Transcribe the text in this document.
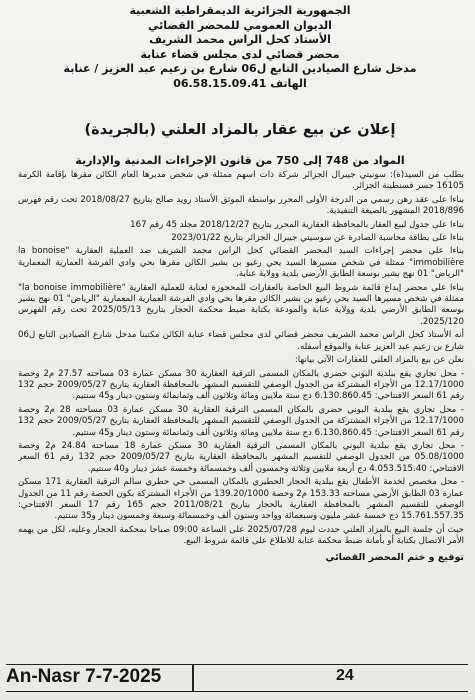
الجمهورية الجزائرية الديمقراطية الشعبية
الديوان العمومي للمحضر القضائي
الأستاذ كحل الراس محمد الشريف
محضر قضائي لدى مجلس قضاء عنابة
مدخل شارع الصيادين التابع ل06 شارع بن زعيم عبد العزيز / عنابة
الهاتف 06.58.15.09.41
إعلان عن بيع عقار بالمزاد العلني (بالجريدة)
المواد من 748 إلى 750 من قانون الإجراءات المدنية والإدارية

بطلب من السيد(ة): سونيتي جيبرال الجزائر شركة ذات أسهم ممثلة في شخص مديرها العام الكائن مقرها بإقامة الكرمة 16105 جسر قسنطينة الجزائر.

بناءا على عقد رهن رسمي من الدرجة الأولى المحرر بواسطة الموثق الأستاذ رويد صالح بتاريخ 2018/08/27 تحت رقم فهرس 2018/896 المشهور بالصيغة التنفيذية.

بناءا على جدول لبيع العقار بالمحافظة العقارية المحرر بتاريخ 2018/12/27 مجلد 45 رقم 167

بناءا على بطاقة محاسبة الصادرة عن سوسيتي جيبرال الجزائر بتاريخ 2023/01/22

بناءا على محضر إجراءات السيد المحضر القضائي كحل الراس محمد الشريف ضد العملية العقارية "la bonoise immobilière" ممثلة في شخص مسيرها السيد يحي رغيو بن بشير الكائن مقرها بحي وادي الفرشة العمارية المعمارية "الرياض" 01 نهج بشير بوسعة الطابق الأرضي بلدية وولاية عنابة.

بناءا على محضر إيداع قائمة شروط البيع الخاصة بالعقارات للمحجوزة لعنابة للعملية العقارية "la bonoise immobilière" ممثلة في شخص مسيرها السيد يحي رغيو بن بشير الكائن مقرها بحي وادي الفرشة العمارية المعمارية "الرياض" 01 نهج بشير بوسعة الطابق الأرضي بلدية وولاية عنابة والمودعة بكتابة ضبط محكمة الحجار بتاريخ 2025/05/13 تحت رقم الفهرس 2025/120.

أنه الأستاذ كحل الراس محمد الشريف محضر قضائي لدى مجلس قضاء عنابة الكائن مكتبنا مدخل شارع الصيادين التابع ل06 شارع بن زعيم عبد العزيز عنابة والموقع أسفله.

نعلن عن بيع بالمزاد العلني للعقارات الآتي بيانها:

- محل تجاري يقع ببلدية البوني حضري بالمكان المسمى الترقية العقارية 30 مسكن عمارة 03 مساحته 27.57 م2 وحصة 12.17/1000 من الأجزاء المشتركة من الجدول الوصفي للتقسيم المشهر بالمحافظة العقارية بتاريخ 2009/05/27 حجم 132 رقم 61 السعر الافتتاحي: 6.130.860.45 دج ستة ملايين ومائة وثلاثون ألف وثمانمائة وستون دينار و45 سنتيم.

- محل تجاري يقع ببلدية البوني حضري بالمكان المسمى الترقية العقارية 30 مسكن عمارة 03 مساحته 28 م2 وحصة 12.17/1000 من الأجزاء المشتركة من الجدول الوصفي للتقسيم المشهر بالمحافظة العقارية بتاريخ 2009/05/27 حجم 132 رقم 61 السعر الافتتاحي: 6.130.860.45 دج ستة ملايين ومائة وثلاثون ألف وثمانمائة وستون دينار و45 سنتيم.

- محل تجاري يقع ببلدية البوني بالمكان المسمى الترقية العقارية 30 مسكن عمارة 18 مساحته 24.84 م2 وحصة 05.08/1000 من الجدول الوصفي للتقسيم المشهر بالمحافظة العقارية بتاريخ 2009/05/27 حجم 132 رقم 61 السعر الافتتاحي: 4.053.515.40 دج أربعة ملايين وثلاثة وخمسون ألف وخمسمائة وخمسة عشر دينار و40 سنتيم.

- محل مخصص لخدمة الأطفال يقع ببلدية الحجار الحطيري بالمكان المسمى حي حطري سالم الترقية العقارية 171 مسكن عمارة 03 الطابق الأرضي مساحته 153.33 م2 وحصة 139.20/1000 من الأجزاء المشتركة بكون الحصة رقم 11 من الجدول الوصفي للتقسيم المشهر بالمحافظة العقارية بالحجار بتاريخ 2011/08/21 حجم 165 رقم 17 السعر الافتتاحي: 15.761.557.35 دج خمسة عشر مليون وسبعمائة وواحد وستون ألف وخمسمائة وسبعة وخمسون دينار و35 سنتيم.

حيث أن جلسة البيع بالمزاد العلني حددت ليوم 2025/07/28 على الساعة 09:00 صباحا بمحكمة الحجار وعليه، لكل من يهمه الأمر الاتصال بكتابة أو بأمانة ضبط محكمة عنابة للاطلاع على قائمة شروط البيع.

توقيع و ختم المحضر القضائي
An-Nasr 7-7-2025	24
